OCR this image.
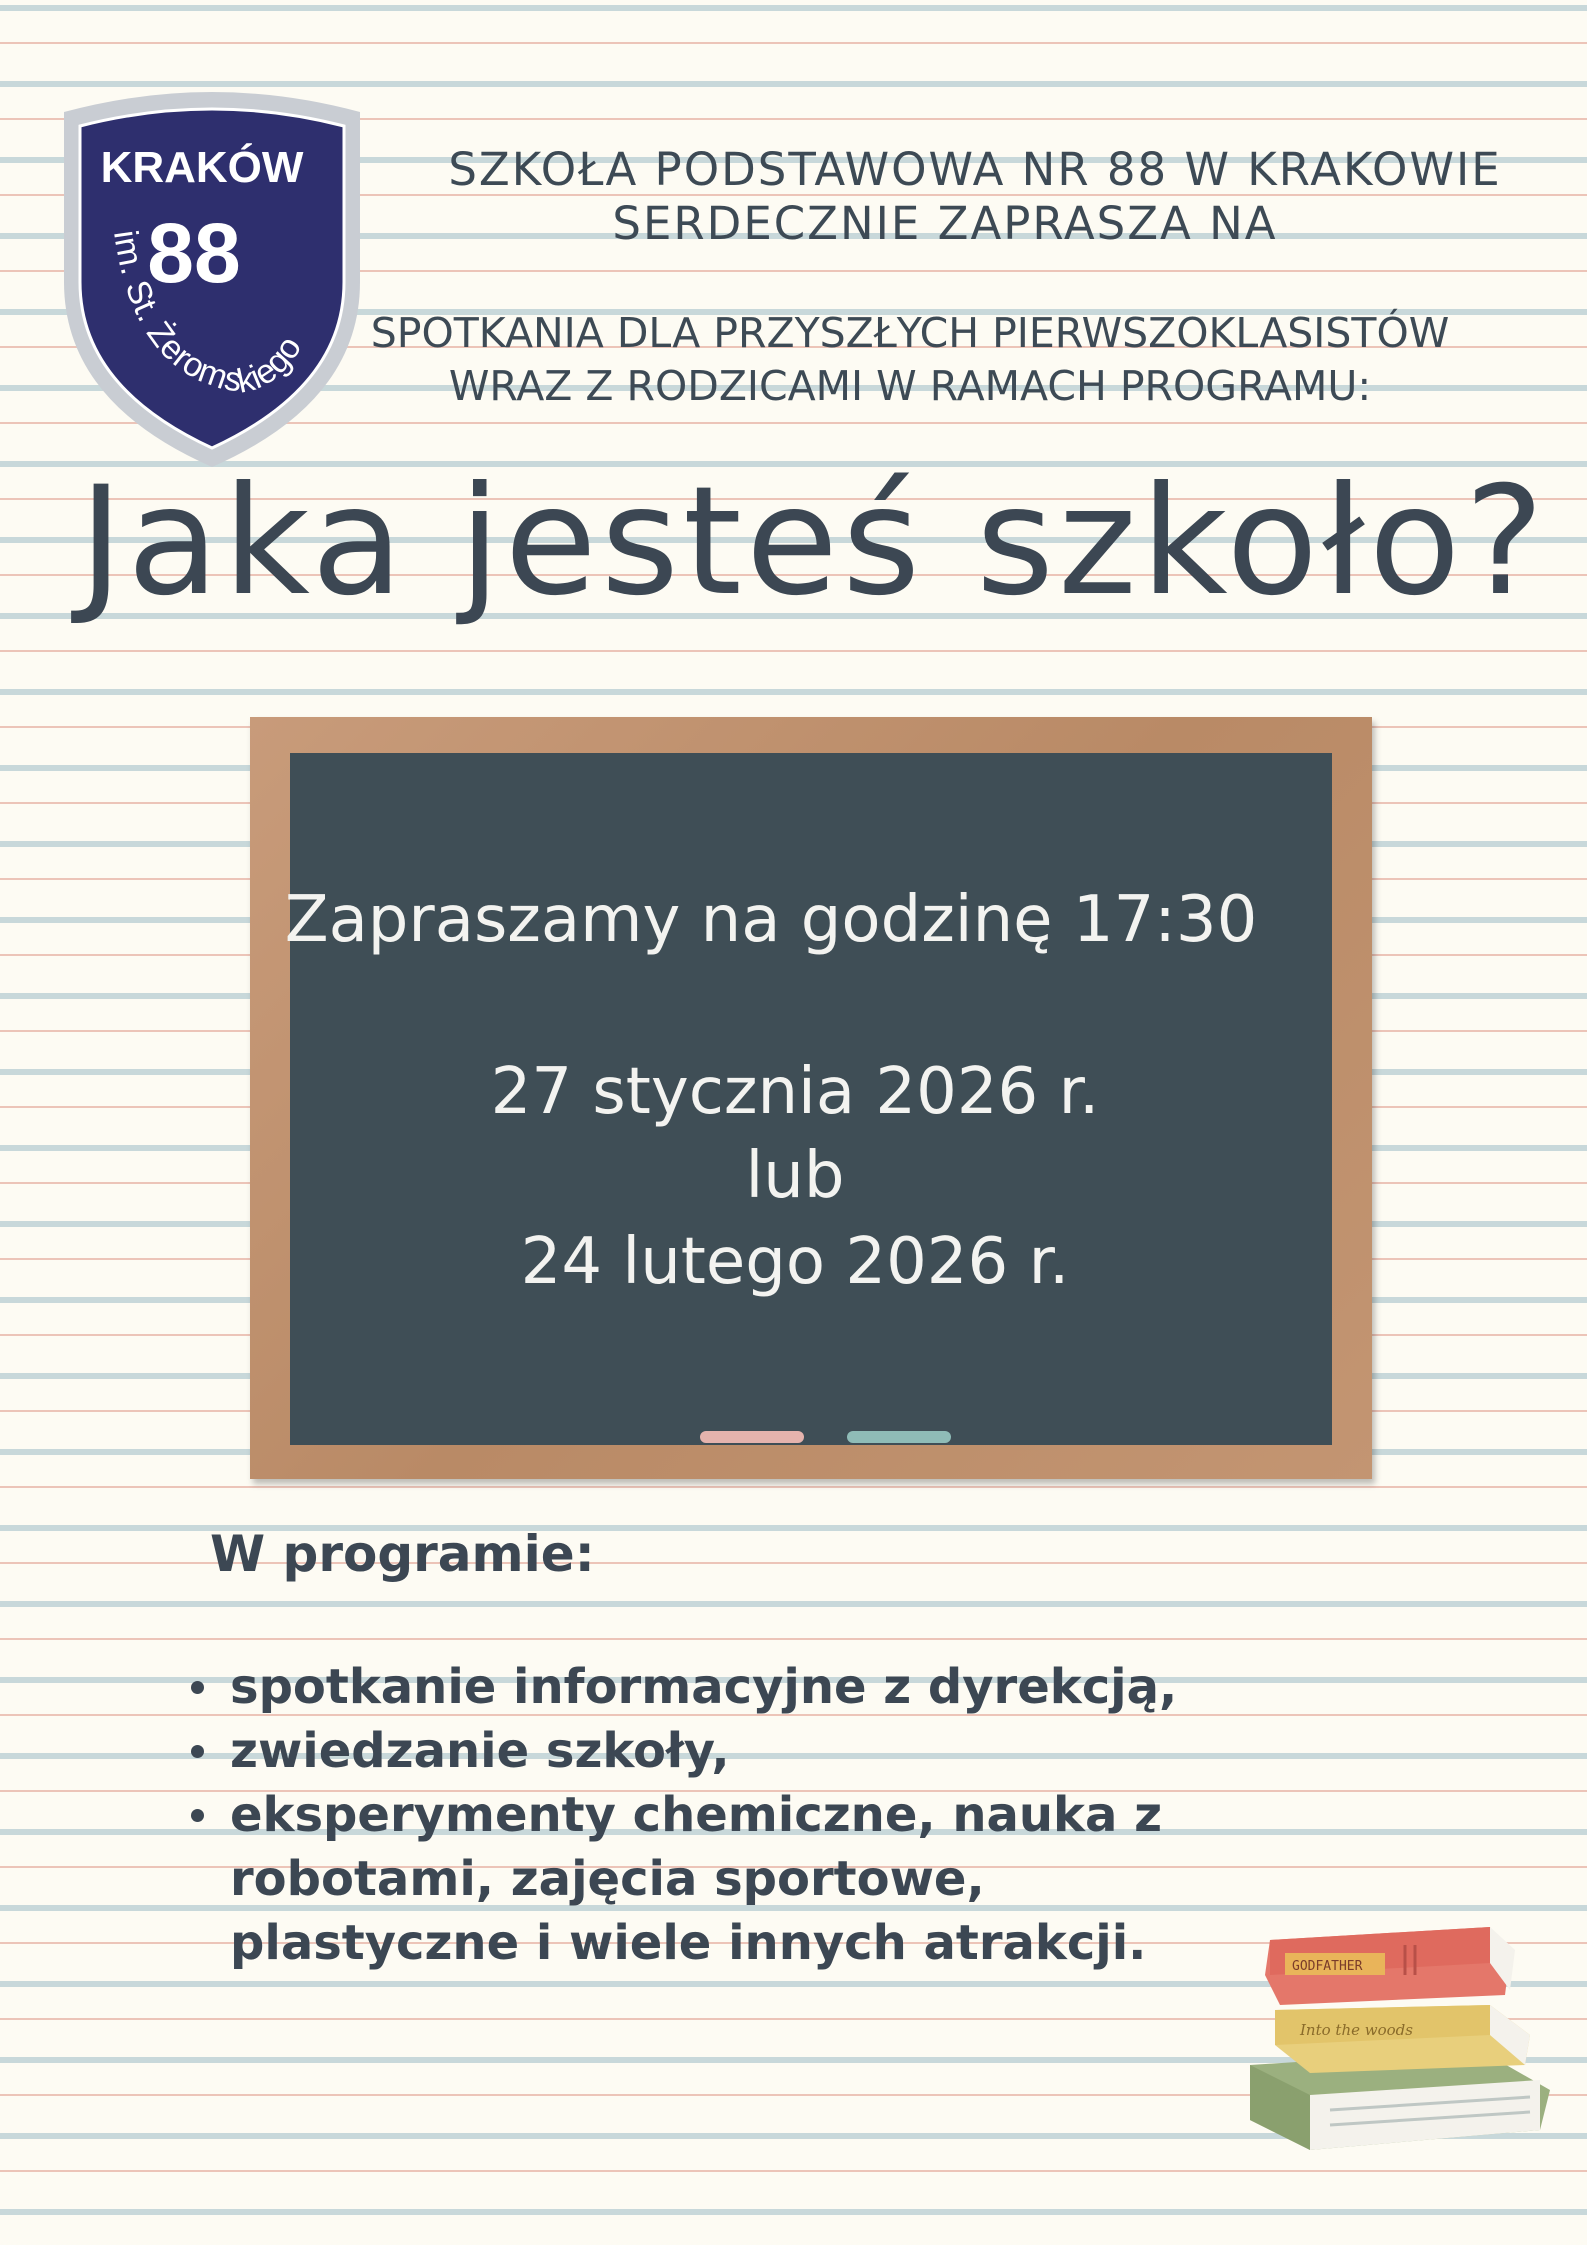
KRAKÓW
88
im. St. Żeromskiego
SZKOŁA PODSTAWOWA NR 88 W KRAKOWIE
SERDECZNIE ZAPRASZA NA
SPOTKANIA DLA PRZYSZŁYCH PIERWSZOKLASISTÓW
WRAZ Z RODZICAMI W RAMACH PROGRAMU:
Jaka jesteś szkoło?
Zapraszamy na godzinę 17:30
27 stycznia 2026 r.
lub
24 lutego 2026 r.
W programie:
spotkanie informacyjne z dyrekcją,
zwiedzanie szkoły,
eksperymenty chemiczne, nauka z robotami, zajęcia sportowe, plastyczne i wiele innych atrakcji.
Into the woods
GODFATHER
